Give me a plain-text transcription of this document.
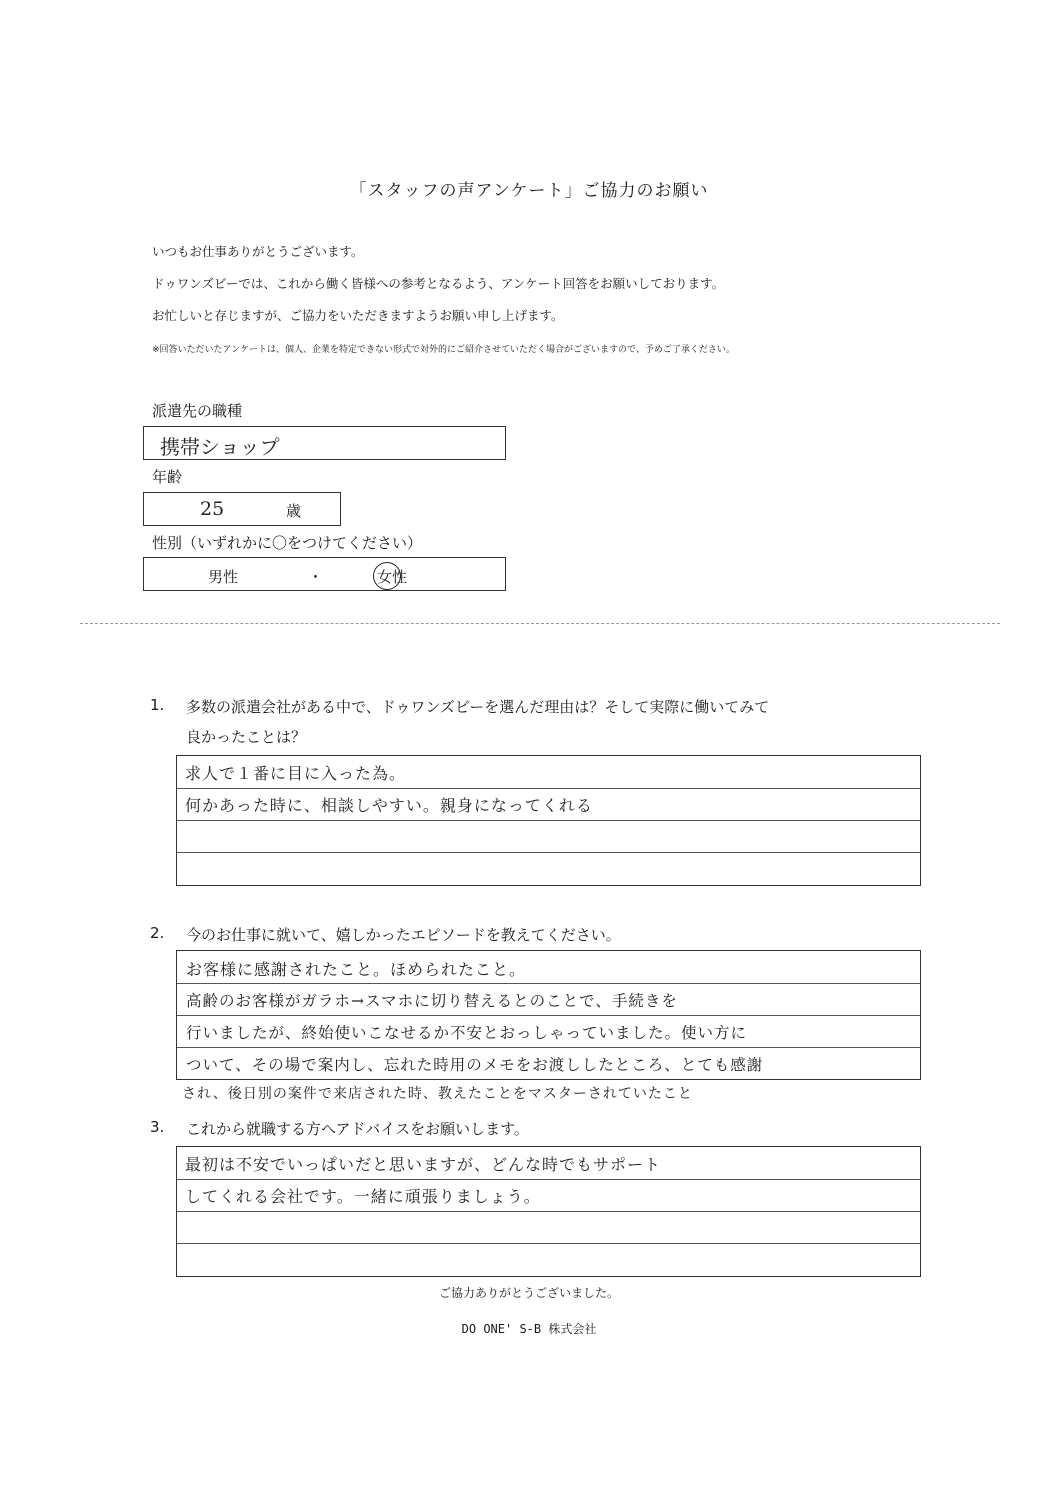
「スタッフの声アンケート」ご協力のお願い
いつもお仕事ありがとうございます。
ドゥワンズビーでは、これから働く皆様への参考となるよう、アンケート回答をお願いしております。
お忙しいと存じますが、ご協力をいただきますようお願い申し上げます。
※回答いただいたアンケートは、個人、企業を特定できない形式で対外的にご紹介させていただく場合がございますので、予めご了承ください。
派遣先の職種
携帯ショップ
年齢
25	歳
性別（いずれかに〇をつけてください）
男性	・	女性
1. 多数の派遣会社がある中で、ドゥワンズビーを選んだ理由は？そして実際に働いてみて
良かったことは？
求人で１番に目に入った為。
何かあった時に、相談しやすい。親身になってくれる
2. 今のお仕事に就いて、嬉しかったエピソードを教えてください。
お客様に感謝されたこと。ほめられたこと。
高齢のお客様がガラホ→スマホに切り替えるとのことで、手続きを
行いましたが、終始使いこなせるか不安とおっしゃっていました。使い方に
ついて、その場で案内し、忘れた時用のメモをお渡ししたところ、とても感謝
され、後日別の案件で来店された時、教えたことをマスターされていたこと
3. これから就職する方へアドバイスをお願いします。
最初は不安でいっぱいだと思いますが、どんな時でもサポート
してくれる会社です。一緒に頑張りましょう。
ご協力ありがとうございました。
DO ONE' S-B 株式会社
